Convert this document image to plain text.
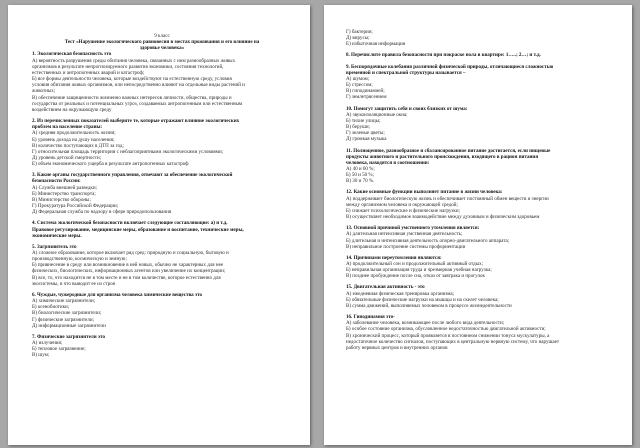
9 класс
Тест «Нарушение экологического равновесия в местах проживания и его влияние на
здоровье человека»
1. Экологическая безопасность это
А) вероятность разрушения среды обитания человека, связанных с ним разнообразных живых
организмов в результате непрогнозируемого развития экономики, состояния технологий,
естественных и антропогенных аварий и катастроф;
Б) все формы деятельности человека, которые воздействуют на естественную среду, условия
условия обитания живых организмов, или непосредственно влияют на отдельные виды растений и
животных;
В) обеспечение защищенности жизненно важных интересов личности, общества, природы и
государства от реальных и потенциальных угроз, создаваемых антропогенным или естественным
воздействием на окружающую среду
2. Из перечисленных показателей выберите те, которые отражают влияние экологических
проблем на население страны:
А) средняя продолжительность жизни;
Б) уровень дохода на душу населения;
В) количество поступающих в ДТП за год;
Г) относительная площадь территории с неблагоприятными экологическими условиями;
Д) уровень детской смертности;
Е) объем экономического ущерба в результате антропогенных катастроф
3. Какие органы государственного управления, отвечают за обеспечение экологической
безопасности России:
А) Служба внешней разведки;
Б) Министерство транспорта;
В) Министерство обороны;
Г) Прокуратура Российской Федерации;
Д) Федеральная служба по надзору в сфере природопользования
4. Система экологической безопасности включает следующие составляющие: а) и т.д.
Правовое регулирование, медицинские меры, образование и воспитание, технические меры,
экономические меры.
5. Загрязнитель это
А) сложное образование, которое включает ряд сред: природную и социальную, бытовую и
производственную, космическую и земную;
Б) привнесение в среду или возникновение в ней новых, обычно не характерных для нее
физических, биологических, информационных агентов или увеличение их концентрации;
В) все, то, что находится не в том месте и не в том количестве, которое естественно для
экосистемы, и что выводит ее из строя
6. Чуждые, чужеродные для организма человека химические вещества это
А) химические загрязнители;
Б) ксенобиотики;
В) биологические загрязнители;
Г) физические загрязнители;
Д) информационные загрязнители
7. Физические загрязнители это
А) излучения;
Б) тепловое загрязнение;
В) шум;
Г) бактерии;
Д) вирусы;
Е) избыточная информация
8. Перечислите правила безопасности при покраске пола в квартире: 1…..; 2…; и т.д.
9. Беспорядочные колебания различной физической природы, отличающиеся сложностью
временной и спектральной структуры называется –
А) шумом;
Б) стрессом;
В) гиподинамией;
Г) землетрясением
10. Помогут защитить себя и своих близких от шума:
А) звукоизоляционные окна;
Б) тихие улицы;
В) беруши;
Г) зеленые цветы;
Д) громкая музыка
11. Полноценное, разнообразное и сбалансированное питание достигается, если пищевые
продукты животного и растительного происхождения, входящего в рацион питания
человека, находятся в соотношении:
А) 40 и 60 %;
Б) 50 и 50 %;
В) 30 и 70 %.
12. Какие основные функции выполняет питание в жизни человека:
А) поддерживает биологическую жизнь и обеспечивает постоянный обмен веществ и энергии
между организмом человека и окружающей средой;
Б) снижает психологические и физические нагрузки;
В) осуществляет необходимое взаимодействие между духовным и физическим здоровьем
13. Основной причиной умственного утомления является:
А) длительная интенсивная умственная деятельность;
Б) длительная и интенсивная деятельность опорно-двигательного аппарата;
В) неправильное построение системы профориентации
14. Причинами переутомления являются:
А) продолжительный сон и продолжительный активный отдых;
Б) неправильная организация труда и чрезмерная учебная нагрузка;
В) позднее пробуждение после сна, отказ от завтрака и прогулок
15. Двигательная активность - это
А) ежедневная физическая тренировка организма;
Б) обязательные физические нагрузки на мышцы и на скелет человека;
В) сумма движений, выполняемых человеком в процессе жизнедеятельности
16. Гиподинамия это-
А) заболевание человека, возникающее после любого вида деятельности;
Б) особое состояние организма, обусловленное недостаточностью двигательной активности;
В) хронический процесс, который проявляется в постоянном снижении тонуса мускулатуры, а
недостаточное количество сигналов, поступающих в центральную нервную систему, что нарушает
работу нервных центров и внутренних органов
